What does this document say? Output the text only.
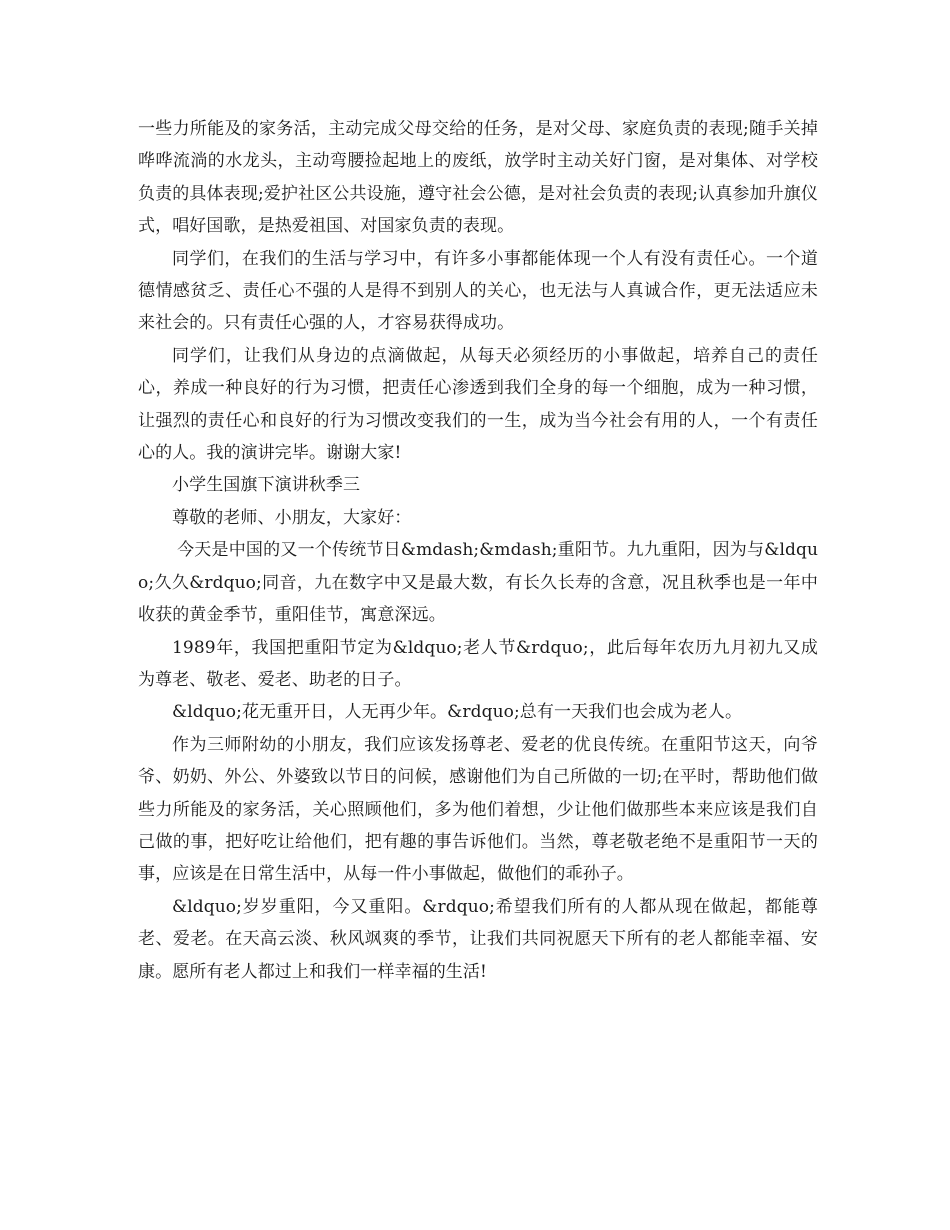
一些力所能及的家务活，主动完成父母交给的任务，是对父母、家庭负责的表现;随手关掉哗哗流淌的水龙头，主动弯腰捡起地上的废纸，放学时主动关好门窗，是对集体、对学校负责的具体表现;爱护社区公共设施，遵守社会公德，是对社会负责的表现;认真参加升旗仪式，唱好国歌，是热爱祖国、对国家负责的表现。

同学们，在我们的生活与学习中，有许多小事都能体现一个人有没有责任心。一个道德情感贫乏、责任心不强的人是得不到别人的关心，也无法与人真诚合作，更无法适应未来社会的。只有责任心强的人，才容易获得成功。

同学们，让我们从身边的点滴做起，从每天必须经历的小事做起，培养自己的责任心，养成一种良好的行为习惯，把责任心渗透到我们全身的每一个细胞，成为一种习惯，让强烈的责任心和良好的行为习惯改变我们的一生，成为当今社会有用的人，一个有责任心的人。我的演讲完毕。谢谢大家!

小学生国旗下演讲秋季三

尊敬的老师、小朋友，大家好：

今天是中国的又一个传统节日&mdash;&mdash;重阳节。九九重阳，因为与&ldquo;久久&rdquo;同音，九在数字中又是最大数，有长久长寿的含意，况且秋季也是一年中收获的黄金季节，重阳佳节，寓意深远。

1989年，我国把重阳节定为&ldquo;老人节&rdquo;，此后每年农历九月初九又成为尊老、敬老、爱老、助老的日子。

&ldquo;花无重开日，人无再少年。&rdquo;总有一天我们也会成为老人。

作为三师附幼的小朋友，我们应该发扬尊老、爱老的优良传统。在重阳节这天，向爷爷、奶奶、外公、外婆致以节日的问候，感谢他们为自己所做的一切;在平时，帮助他们做些力所能及的家务活，关心照顾他们，多为他们着想，少让他们做那些本来应该是我们自己做的事，把好吃让给他们，把有趣的事告诉他们。当然，尊老敬老绝不是重阳节一天的事，应该是在日常生活中，从每一件小事做起，做他们的乖孙子。

&ldquo;岁岁重阳，今又重阳。&rdquo;希望我们所有的人都从现在做起，都能尊老、爱老。在天高云淡、秋风飒爽的季节，让我们共同祝愿天下所有的老人都能幸福、安康。愿所有老人都过上和我们一样幸福的生活!
